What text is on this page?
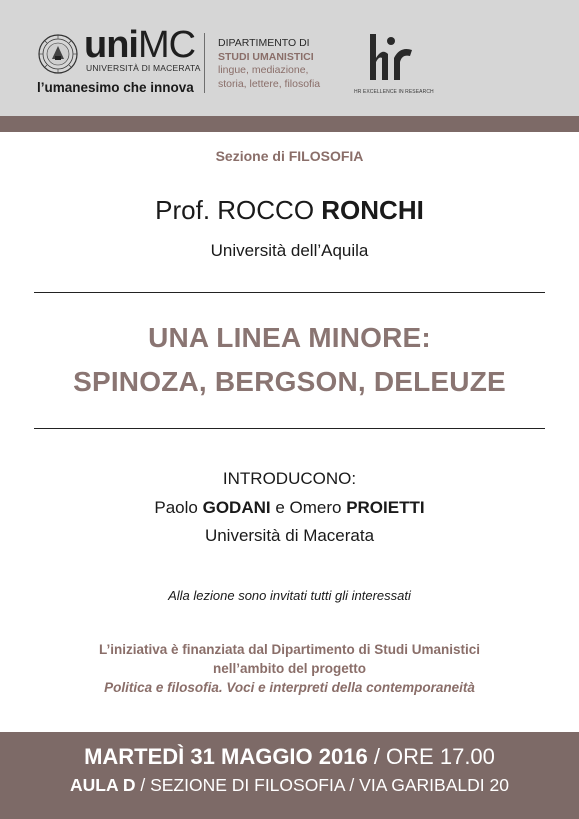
uniMC
UNIVERSITÀ DI MACERATA
l’umanesimo che innova
DIPARTIMENTO DI
STUDI UMANISTICI
lingue, mediazione,
storia, lettere, filosofia
HR EXCELLENCE IN RESEARCH
Sezione di FILOSOFIA
Prof. ROCCO RONCHI
Università dell’Aquila
UNA LINEA MINORE:
SPINOZA, BERGSON, DELEUZE
INTRODUCONO:
Paolo GODANI e Omero PROIETTI
Università di Macerata
Alla lezione sono invitati tutti gli interessati
L’iniziativa è finanziata dal Dipartimento di Studi Umanistici
nell’ambito del progetto
Politica e filosofia. Voci e interpreti della contemporaneità
MARTEDÌ 31 MAGGIO 2016 / ORE 17.00
AULA D / SEZIONE DI FILOSOFIA / VIA GARIBALDI 20
